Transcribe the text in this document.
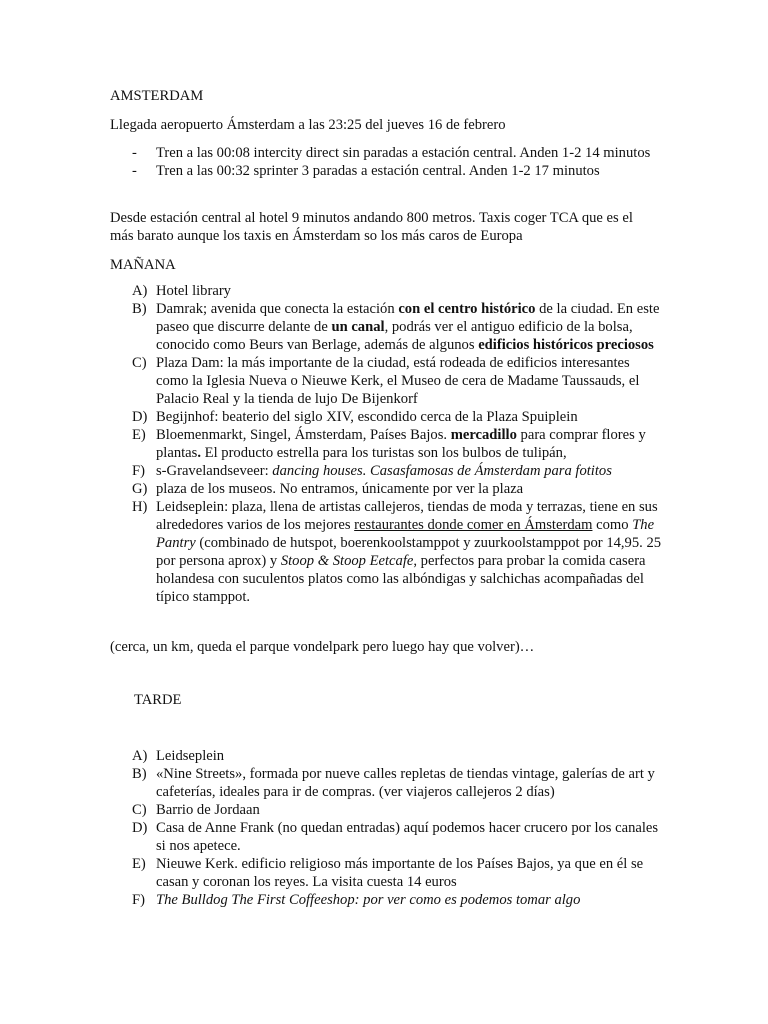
AMSTERDAM

Llegada aeropuerto Ámsterdam a las 23:25 del jueves 16 de febrero

- Tren a las 00:08 intercity direct sin paradas a estación central. Anden 1-2 14 minutos
- Tren a las 00:32 sprinter 3 paradas a estación central. Anden 1-2 17 minutos

Desde estación central al hotel 9 minutos andando 800 metros. Taxis coger TCA que es el más barato aunque los taxis en Ámsterdam so los más caros de Europa

MAÑANA

A) Hotel library
B) Damrak; avenida que conecta la estación con el centro histórico de la ciudad. En este paseo que discurre delante de un canal, podrás ver el antiguo edificio de la bolsa, conocido como Beurs van Berlage, además de algunos edificios históricos preciosos
C) Plaza Dam: la más importante de la ciudad, está rodeada de edificios interesantes como la Iglesia Nueva o Nieuwe Kerk, el Museo de cera de Madame Taussauds, el Palacio Real y la tienda de lujo De Bijenkorf
D) Begijnhof: beaterio del siglo XIV, escondido cerca de la Plaza Spuiplein
E) Bloemenmarkt, Singel, Ámsterdam, Países Bajos. mercadillo para comprar flores y plantas. El producto estrella para los turistas son los bulbos de tulipán,
F) s-Gravelandseveer: dancing houses. Casasfamosas de Ámsterdam para fotitos
G) plaza de los museos. No entramos, únicamente por ver la plaza
H) Leidseplein: plaza, llena de artistas callejeros, tiendas de moda y terrazas, tiene en sus alrededores varios de los mejores restaurantes donde comer en Ámsterdam como The Pantry (combinado de hutspot, boerenkoolstamppot y zuurkoolstamppot por 14,95. 25 por persona aprox) y Stoop & Stoop Eetcafe, perfectos para probar la comida casera holandesa con suculentos platos como las albóndigas y salchichas acompañadas del típico stamppot.

(cerca, un km, queda el parque vondelpark pero luego hay que volver)…

TARDE

A) Leidseplein
B) «Nine Streets», formada por nueve calles repletas de tiendas vintage, galerías de art y cafeterías, ideales para ir de compras. (ver viajeros callejeros 2 días)
C) Barrio de Jordaan
D) Casa de Anne Frank (no quedan entradas) aquí podemos hacer crucero por los canales si nos apetece.
E) Nieuwe Kerk. edificio religioso más importante de los Países Bajos, ya que en él se casan y coronan los reyes. La visita cuesta 14 euros
F) The Bulldog The First Coffeeshop: por ver como es podemos tomar algo
